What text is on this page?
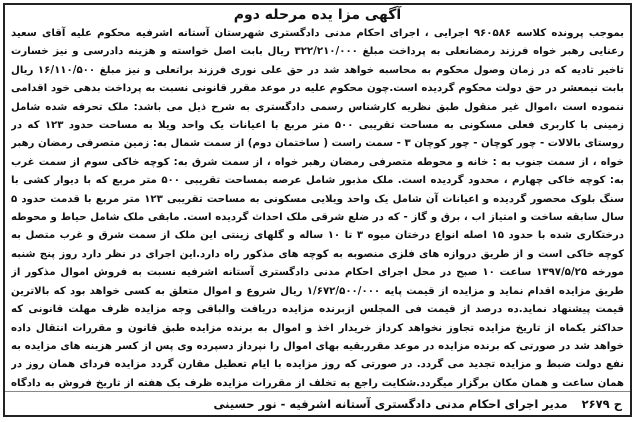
آگهی مزا یده مرحله دوم
بموجب پرونده کلاسه ۹۶۰۵۸۶ اجرایی ، اجرای احکام مدنی دادگستری شهرستان آستانه اشرفیه محکوم علیه آقای سعید رعنایی رهبر خواه فرزند رمضانعلی به پرداخت مبلغ ۳۲۲/۲۱۰/۰۰۰ ریال بابت اصل خواسته و هزینه دادرسی و نیز خسارت تاخیر تادیه که در زمان وصول محکوم به محاسبه خواهد شد در حق علی نوری فرزند براتعلی و نیز مبلغ ۱۶/۱۱۰/۵۰۰ ریال بابت نیمعشر در حق دولت محکوم گردیده است.چون محکوم علیه در موعد مقرر قانونی نسبت به پرداخت بدهی خود اقدامی ننموده است ،اموال غیر منقول طبق نظریه کارشناس رسمی دادگستری به شرح ذیل می باشد: ملک تحرفه شده شامل زمینی با کاربری فعلی مسکونی به مساحت تقریبی ۵۰۰ متر مربع با اعیانات یک واحد ویلا به مساحت حدود ۱۲۳ که در روستای بالالات - چور کوچان - چور کوچان ۳ - سمت راست ( ساختمان دوم) از سمت شمال به: زمین متصرفی رمضان رهبر خواه ، از سمت جنوب به : خانه و محوطه متصرفی رمضان رهبر خواه ، از سمت شرق به: کوچه خاکی سوم از سمت غرب به: کوچه خاکی چهارم ، محدود گردیده است. ملک مذبور شامل عرصه بمساحت تقریبی ۵۰۰ متر مربع که با دیوار کشی با سنگ بلوک محصور گردیده و اعیانات آن شامل یک واحد ویلایی مسکونی به مساحت تقریبی ۱۲۳ متر مربع با قدمت حدود ۵ سال سابقه ساخت و امتیاز اب ، برق و گاز - که در ضلع شرقی ملک احداث گردیده است. مابقی ملک شامل حیاط و محوطه درختکاری شده با حدود ۱۵ اصله انواع درختان میوه ۳ تا ۱۰ ساله و گلهای زینتی این ملک از سمت شرق و غرب متصل به کوچه خاکی است و از طریق دروازه های فلزی منصوبه به کوچه های مذکور راه دارد.این اجرای در نظر دارد روز پنج شنبه مورخه ۱۳۹۷/۵/۲۵ ساعت ۱۰ صبح در محل اجرای احکام مدنی دادگستری آستانه اشرفیه نسبت به فروش اموال مذکور از طریق مزایده اقدام نماید و مزایده از قیمت پایه ۱/۶۷۲/۵۰۰/۰۰۰ ریال شروع و اموال متعلق به کسی خواهد بود که بالاترین قیمت پیشنهاد نماید.ده درصد از قیمت فی المجلس ازبرنده مزایده دریافت والباقی وجه مزایده ظرف مهلت قانونی که حداکثر یکماه از تاریخ مزایده تجاوز نخواهد کرداز خریدار اخذ و اموال به برنده مزایده طبق قانون و مقررات انتقال داده خواهد شد در صورتی که برنده مزایده در موعد مقرربقیه بهای اموال را نپرداز دسپرده وی پس از کسر هزینه های مزایده به نفع دولت ضبط و مزایده تجدید می گردد. در صورتی که روز مزایده با ایام تعطیل مقارن گردد مزایده فردای همان روز در همان ساعت و همان مکان برگزار میگردد.شکایت راجع به تخلف از مقررات مزایده ظرف یک هفته از تاریخ فروش به دادگاه
ح ۲۶۷۹
مدیر اجرای احکام مدنی دادگستری آستانه اشرفیه - نور حسینی
